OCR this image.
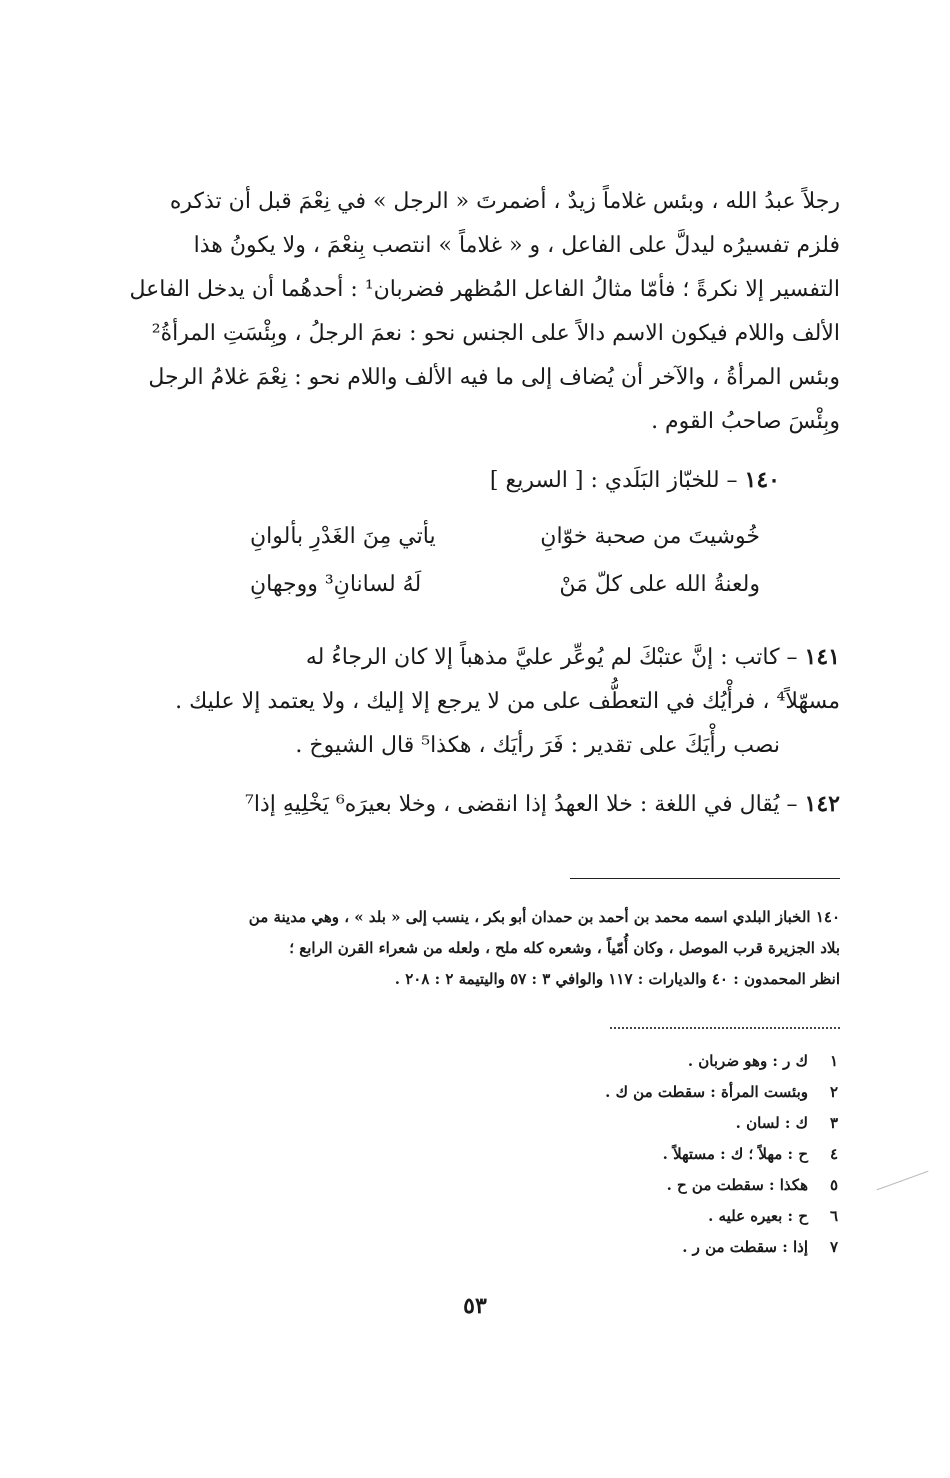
رجلاً عبدُ الله ، وبئس غلاماً زيدٌ ، أضمرتَ « الرجل » في نِعْمَ قبل أن تذكره

فلزم تفسيرُه ليدلَّ على الفاعل ، و « غلاماً » انتصب بِنعْمَ ، ولا يكونُ هذا

التفسير إلا نكرةً ؛ فأمّا مثالُ الفاعل المُظهر فضربان¹ : أحدهُما أن يدخل الفاعل

الألف واللام فيكون الاسم دالاً على الجنس نحو : نعمَ الرجلُ ، وبِئْسَتِ المرأةُ²

وبئس المرأةُ ، والآخر أن يُضاف إلى ما فيه الألف واللام نحو : نِعْمَ غلامُ الرجل

وبِئْسَ صاحبُ القوم .

١٤٠ – للخبّاز البَلَدي : [ السريع ]
خُوشيتَ من صحبة خوّانِ
يأتي مِنَ الغَدْرِ بألوانِ
ولعنةُ الله على كلّ مَنْ
لَهُ لسانانِ³ ووجهانِ

١٤١ – كاتب : إنَّ عتبْكَ لم يُوعِّر عليَّ مذهباً إلا كان الرجاءُ له

مسهّلاً⁴ ، فرأْيُك في التعطُّف على من لا يرجع إلا إليك ، ولا يعتمد إلا عليك .

نصب رأْيَكَ على تقدير : فَرَ رأيَك ، هكذا⁵ قال الشيوخ .

١٤٢ – يُقال في اللغة : خلا العهدُ إذا انقضى ، وخلا بعيرَه⁶ يَخْلِيهِ إذا⁷

١٤٠ الخباز البلدي اسمه محمد بن أحمد بن حمدان أبو بكر ، ينسب إلى « بلد » ، وهي مدينة من

بلاد الجزيرة قرب الموصل ، وكان أُمّياً ، وشعره كله ملح ، ولعله من شعراء القرن الرابع ؛

انظر المحمدون : ٤٠ والديارات : ١١٧ والوافي ٣ : ٥٧ واليتيمة ٢ : ٢٠٨ .

١
ك ر : وهو ضربان .
٢
وبئست المرأة : سقطت من ك .
٣
ك : لسان .
٤
ح : مهلاً ؛ ك : مستهلاً .
٥
هكذا : سقطت من ح .
٦
ح : بعيره عليه .
٧
إذا : سقطت من ر .
٥٣
